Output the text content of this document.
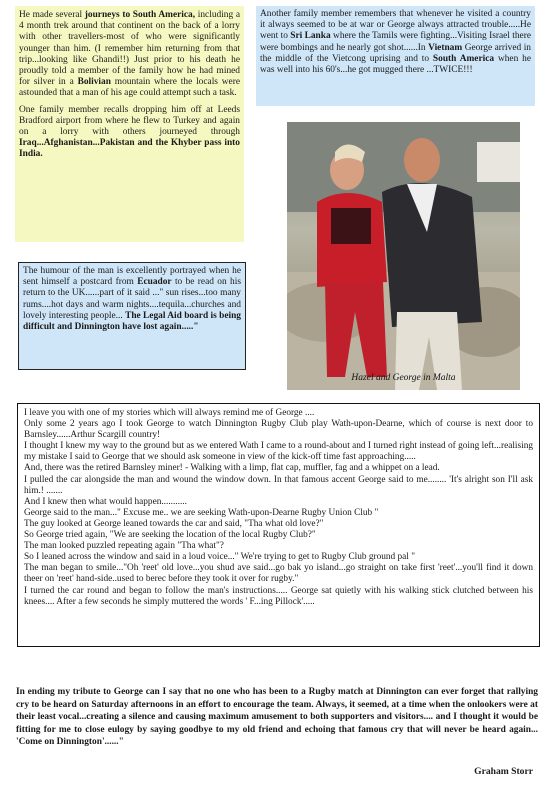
He made several journeys to South America, including a 4 month trek around that continent on the back of a lorry with other travellers-most of who were significantly younger than him. (I remember him returning from that trip...looking like Ghandi!!) Just prior to his death he proudly told a member of the family how he had mined for silver in a Bolivian mountain where the locals were astounded that a man of his age could attempt such a task.

One family member recalls dropping him off at Leeds Bradford airport from where he flew to Turkey and again on a lorry with others journeyed through Iraq...Afghanistan...Pakistan and the Khyber pass into India.

Another family member remembers that whenever he visited a country it always seemed to be at war or George always attracted trouble.....He went to Sri Lanka where the Tamils were fighting...Visiting Israel there were bombings and he nearly got shot......In Vietnam George arrived in the middle of the Vietcong uprising and to South America when he was well into his 60's...he got mugged there ...TWICE!!!
The humour of the man is excellently portrayed when he sent himself a postcard from Ecuador to be read on his return to the UK......part of it said ..." sun rises...too many rums....hot days and warm nights....tequila...churches and lovely interesting people... The Legal Aid board is being difficult and Dinnington have lost again....."
Hazel and George in Malta

I leave you with one of my stories which will always remind me of George ....

Only some 2 years ago I took George to watch Dinnington Rugby Club play Wath-upon-Dearne, which of course is next door to Barnsley......Arthur Scargill country!

I thought I knew my way to the ground but as we entered Wath I came to a round-about and I turned right instead of going left...realising my mistake I said to George that we should ask someone in view of the kick-off time fast approaching.....

And, there was the retired Barnsley miner! - Walking with a limp, flat cap, muffler, fag and a whippet on a lead.

I pulled the car alongside the man and wound the window down. In that famous accent George said to me........ 'It's alright son I'll ask him.! .......

And I knew then what would happen...........

George said to the man..." Excuse me.. we are seeking Wath-upon-Dearne Rugby Union Club "

The guy looked at George leaned towards the car and said, "Tha what old love?"

So George tried again, "We are seeking the location of the local Rugby Club?"

The man looked puzzled repeating again "Tha what"?

So I leaned across the window and said in a loud voice..." We're trying to get to Rugby Club ground pal "

The man began to smile..."Oh 'reet' old love...you shud ave said...go bak yo island...go straight on take first 'reet'...you'll find it down theer on 'reet' hand-side..used to berec before they took it over for rugby."

I turned the car round and began to follow the man's instructions..... George sat quietly with his walking stick clutched between his knees.... After a few seconds he simply muttered the words ' F...ing Pillock'.....

In ending my tribute to George can I say that no one who has been to a Rugby match at Dinnington can ever forget that rallying cry to be heard on Saturday afternoons in an effort to encourage the team. Always, it seemed, at a time when the onlookers were at their least vocal...creating a silence and causing maximum amusement to both supporters and visitors.... and I thought it would be fitting for me to close eulogy by saying goodbye to my old friend and echoing that famous cry that will never be heard again... 'Come on Dinnington'......"
Graham Storr
